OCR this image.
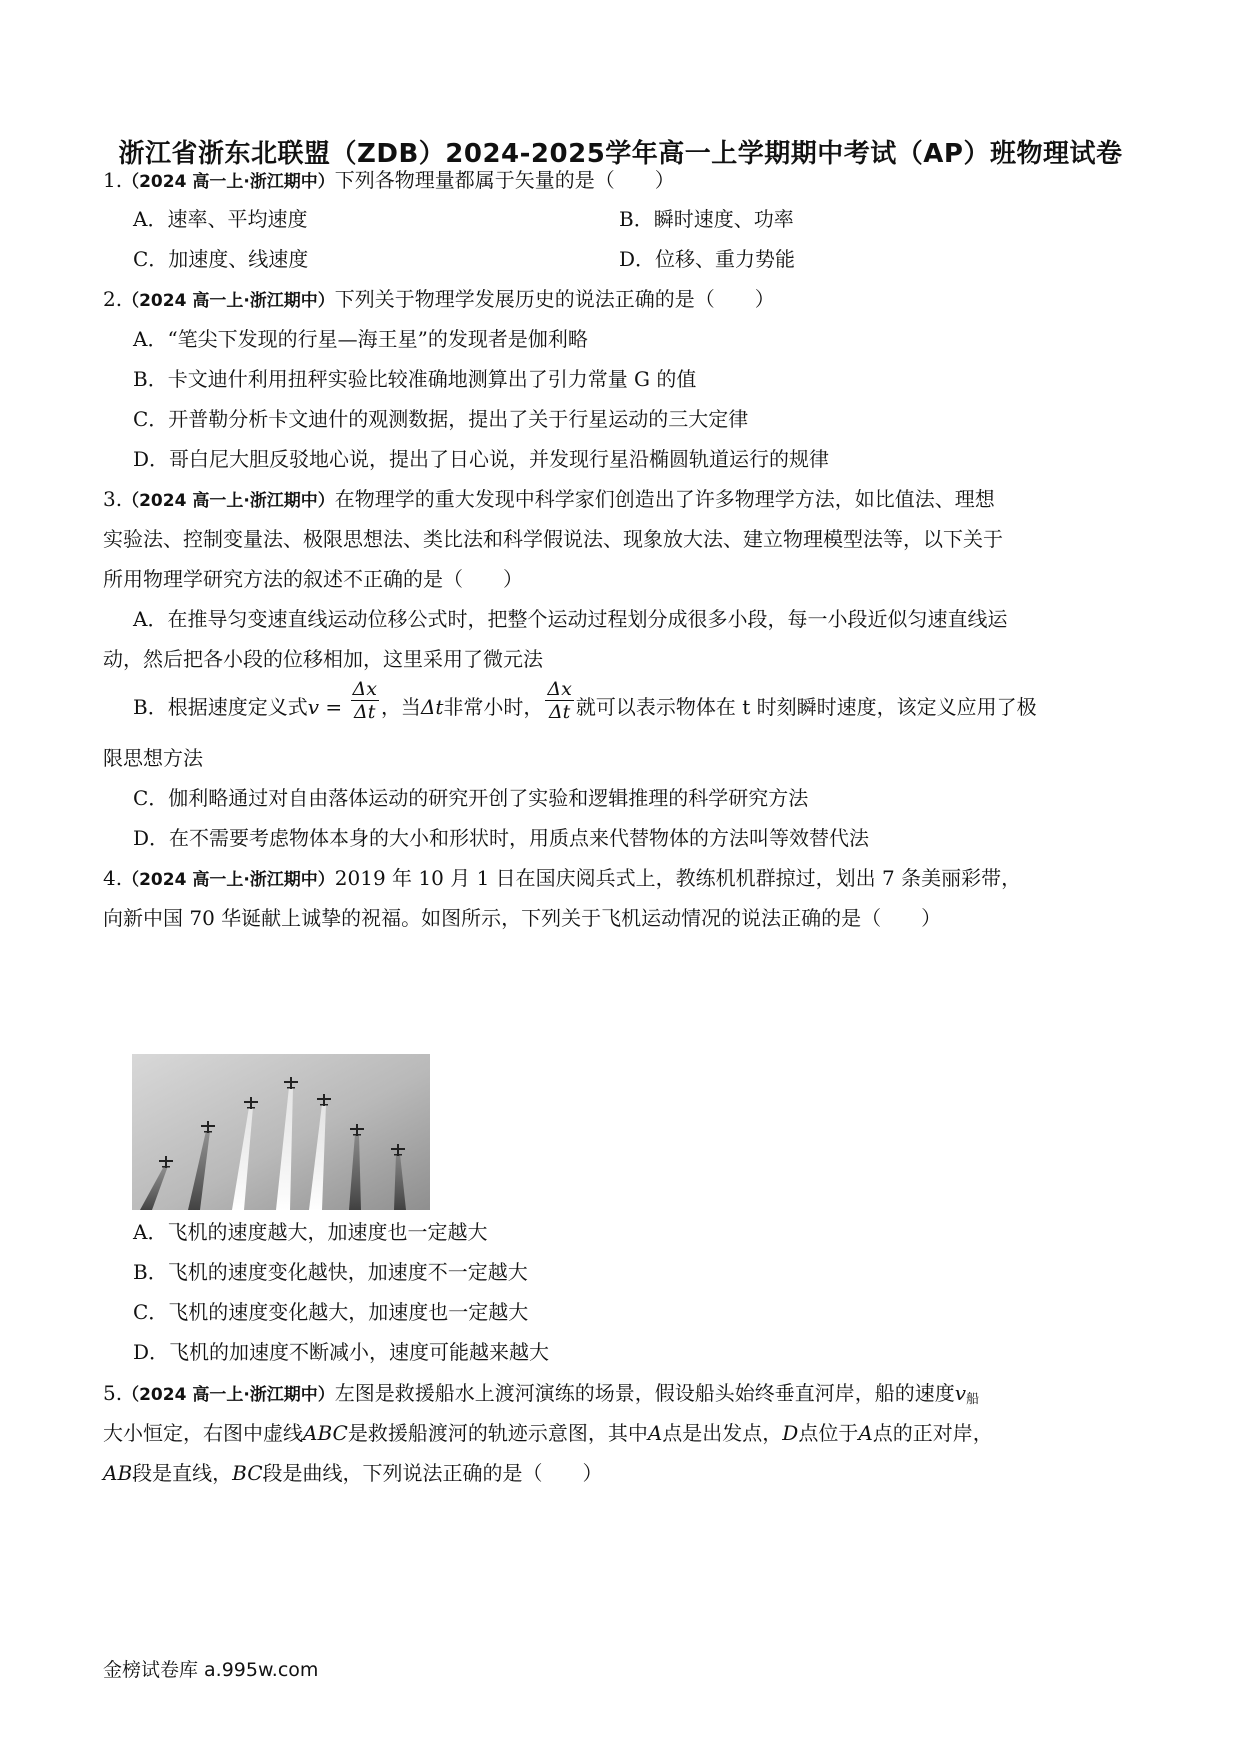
浙江省浙东北联盟（ZDB）2024-2025学年高一上学期期中考试（AP）班物理试卷
1.（2024 高一上·浙江期中）下列各物理量都属于矢量的是（　　）
A．速率、平均速度	B．瞬时速度、功率
C．加速度、线速度	D．位移、重力势能
2.（2024 高一上·浙江期中）下列关于物理学发展历史的说法正确的是（　　）
A．“笔尖下发现的行星—海王星”的发现者是伽利略
B．卡文迪什利用扭秤实验比较准确地测算出了引力常量 G 的值
C．开普勒分析卡文迪什的观测数据，提出了关于行星运动的三大定律
D．哥白尼大胆反驳地心说，提出了日心说，并发现行星沿椭圆轨道运行的规律
3.（2024 高一上·浙江期中）在物理学的重大发现中科学家们创造出了许多物理学方法，如比值法、理想
实验法、控制变量法、极限思想法、类比法和科学假说法、现象放大法、建立物理模型法等，以下关于
所用物理学研究方法的叙述不正确的是（　　）
A．在推导匀变速直线运动位移公式时，把整个运动过程划分成很多小段，每一小段近似匀速直线运
动，然后把各小段的位移相加，这里采用了微元法
B．根据速度定义式$v = \frac{\Delta x}{\Delta t}$ ，当Δt非常小时， $\frac{\Delta x}{\Delta t}$ 就可以表示物体在 t 时刻瞬时速度，该定义应用了极
限思想方法
C．伽利略通过对自由落体运动的研究开创了实验和逻辑推理的科学研究方法
D．在不需要考虑物体本身的大小和形状时，用质点来代替物体的方法叫等效替代法
4.（2024 高一上·浙江期中）2019 年 10 月 1 日在国庆阅兵式上，教练机机群掠过，划出 7 条美丽彩带，
向新中国 70 华诞献上诚挚的祝福。如图所示，下列关于飞机运动情况的说法正确的是（　　）
A．飞机的速度越大，加速度也一定越大
B．飞机的速度变化越快，加速度不一定越大
C．飞机的速度变化越大，加速度也一定越大
D．飞机的加速度不断减小，速度可能越来越大
5.（2024 高一上·浙江期中）左图是救援船水上渡河演练的场景，假设船头始终垂直河岸，船的速度$v_船$
大小恒定，右图中虚线ABC是救援船渡河的轨迹示意图，其中A点是出发点，D点位于A点的正对岸，
AB段是直线，BC段是曲线，下列说法正确的是（　　）
金榜试卷库 a.995w.com
